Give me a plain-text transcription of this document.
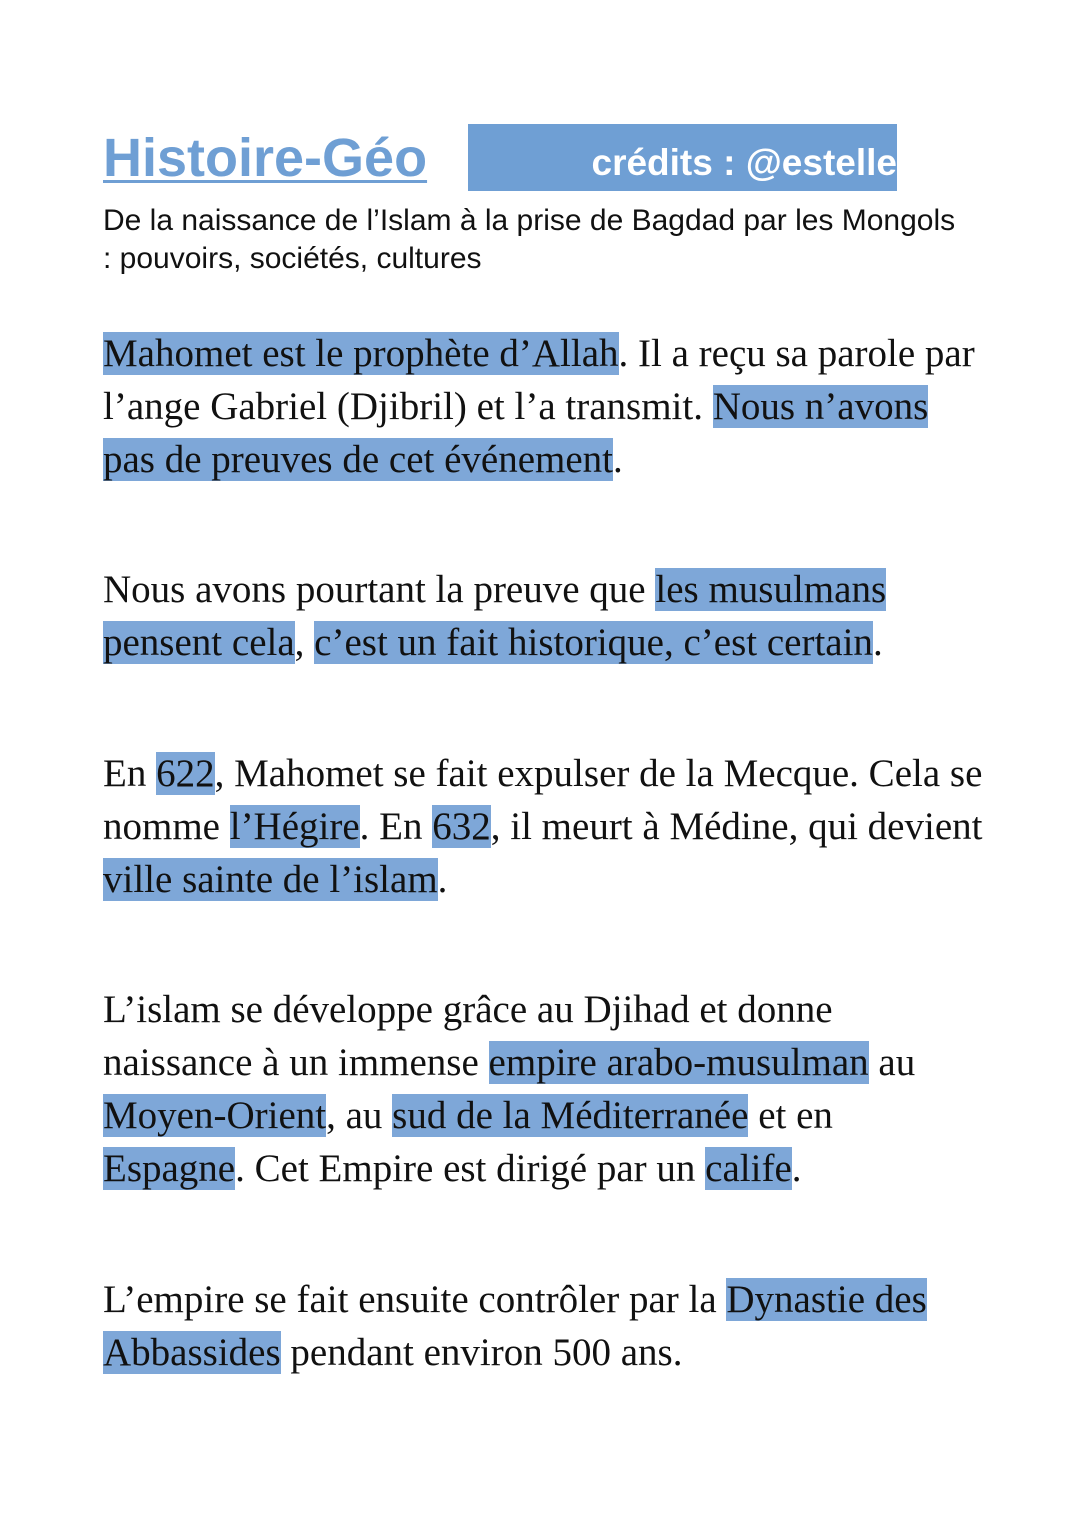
Histoire-Géo	crédits : @estelle
De la naissance de l’Islam à la prise de Bagdad par les Mongols : pouvoirs, sociétés, cultures

Mahomet est le prophète d’Allah. Il a reçu sa parole par l’ange Gabriel (Djibril) et l’a transmit. Nous n’avons pas de preuves de cet événement.

Nous avons pourtant la preuve que les musulmans pensent cela, c’est un fait historique, c’est certain.

En 622, Mahomet se fait expulser de la Mecque. Cela se nomme l’Hégire. En 632, il meurt à Médine, qui devient ville sainte de l’islam.

L’islam se développe grâce au Djihad et donne naissance à un immense empire arabo-musulman au Moyen-Orient, au sud de la Méditerranée et en Espagne. Cet Empire est dirigé par un calife.

L’empire se fait ensuite contrôler par la Dynastie des Abbassides pendant environ 500 ans.
